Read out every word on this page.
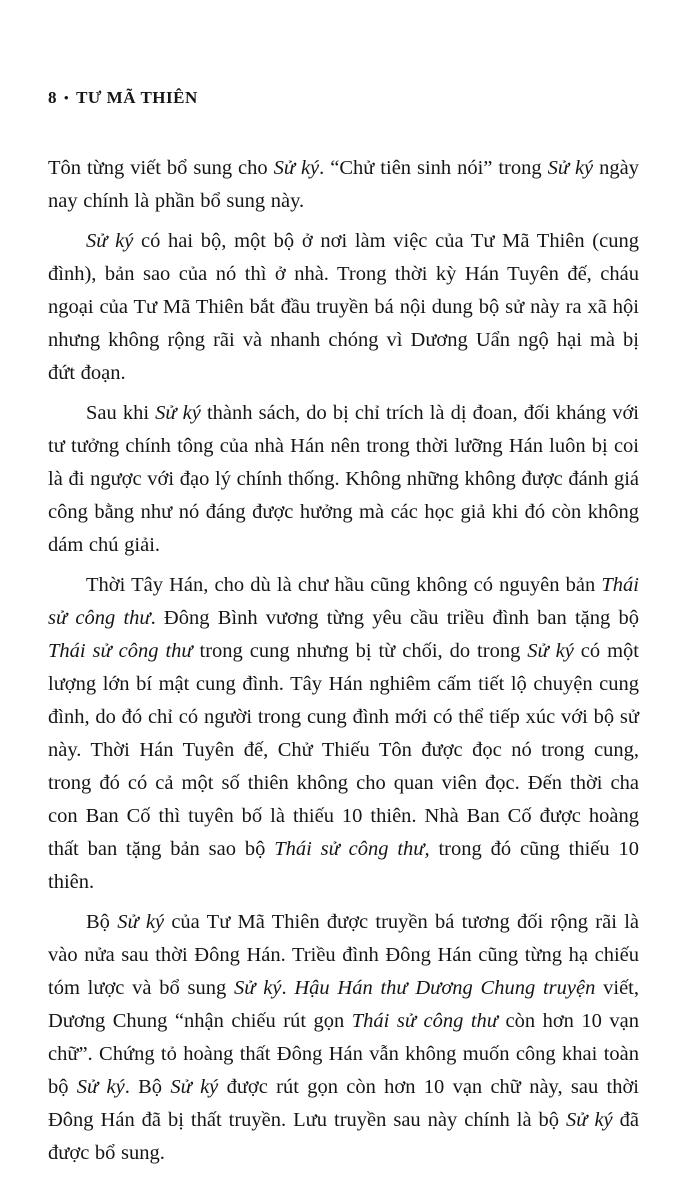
8 • TƯ MÃ THIÊN

Tôn từng viết bổ sung cho Sử ký. “Chử tiên sinh nói” trong Sử ký ngày nay chính là phần bổ sung này.

Sử ký có hai bộ, một bộ ở nơi làm việc của Tư Mã Thiên (cung đình), bản sao của nó thì ở nhà. Trong thời kỳ Hán Tuyên đế, cháu ngoại của Tư Mã Thiên bắt đầu truyền bá nội dung bộ sử này ra xã hội nhưng không rộng rãi và nhanh chóng vì Dương Uẩn ngộ hại mà bị đứt đoạn.

Sau khi Sử ký thành sách, do bị chỉ trích là dị đoan, đối kháng với tư tưởng chính tông của nhà Hán nên trong thời lưỡng Hán luôn bị coi là đi ngược với đạo lý chính thống. Không những không được đánh giá công bằng như nó đáng được hưởng mà các học giả khi đó còn không dám chú giải.

Thời Tây Hán, cho dù là chư hầu cũng không có nguyên bản Thái sử công thư. Đông Bình vương từng yêu cầu triều đình ban tặng bộ Thái sử công thư trong cung nhưng bị từ chối, do trong Sử ký có một lượng lớn bí mật cung đình. Tây Hán nghiêm cấm tiết lộ chuyện cung đình, do đó chỉ có người trong cung đình mới có thể tiếp xúc với bộ sử này. Thời Hán Tuyên đế, Chử Thiếu Tôn được đọc nó trong cung, trong đó có cả một số thiên không cho quan viên đọc. Đến thời cha con Ban Cố thì tuyên bố là thiếu 10 thiên. Nhà Ban Cố được hoàng thất ban tặng bản sao bộ Thái sử công thư, trong đó cũng thiếu 10 thiên.

Bộ Sử ký của Tư Mã Thiên được truyền bá tương đối rộng rãi là vào nửa sau thời Đông Hán. Triều đình Đông Hán cũng từng hạ chiếu tóm lược và bổ sung Sử ký. Hậu Hán thư Dương Chung truyện viết, Dương Chung “nhận chiếu rút gọn Thái sử công thư còn hơn 10 vạn chữ”. Chứng tỏ hoàng thất Đông Hán vẫn không muốn công khai toàn bộ Sử ký. Bộ Sử ký được rút gọn còn hơn 10 vạn chữ này, sau thời Đông Hán đã bị thất truyền. Lưu truyền sau này chính là bộ Sử ký đã được bổ sung.
